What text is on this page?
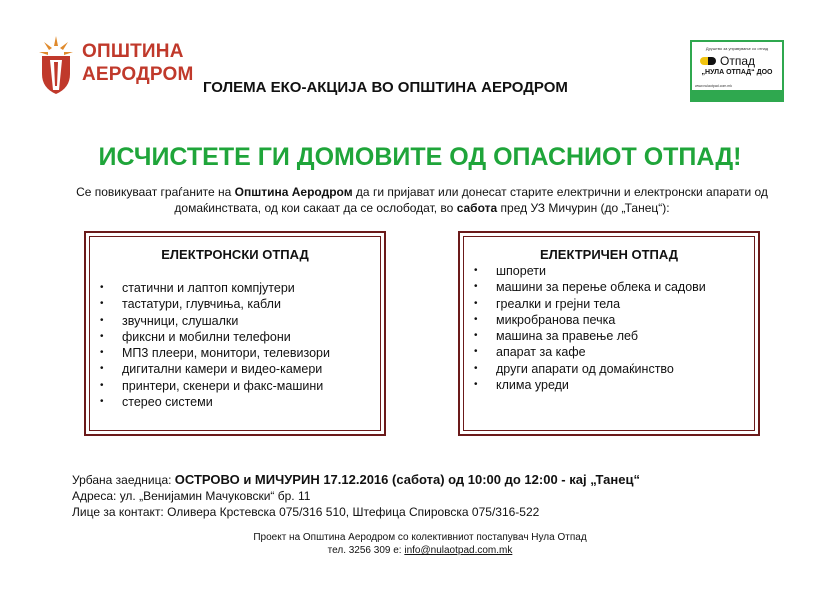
ОПШТИНА
АЕРОДРОМ
ГОЛЕМА ЕКО-АКЦИЈА ВО ОПШТИНА АЕРОДРОМ
Друштво за управување со отпад
Отпад
„НУЛА ОТПАД“ ДОО
www.nulaotpad.com.mk
ИСЧИСТЕТЕ ГИ ДОМОВИТЕ ОД ОПАСНИОТ ОТПАД!
Се повикуваат граѓаните на Општина Аеродром да ги пријават или донесат старите електрични и електронски апарати од домаќинствата, од кои сакаат да се ослободат, во сабота пред УЗ Мичурин (до „Танец“):
ЕЛЕКТРОНСКИ ОТПАД
•	статични и лаптоп компјутери
•	тастатури, глувчиња, кабли
•	звучници, слушалки
•	фиксни и мобилни телефони
•	МП3 плеери, монитори, телевизори
•	дигитални камери и видео-камери
•	принтери, скенери и факс-машини
•	стерео системи
ЕЛЕКТРИЧЕН ОТПАД
•	шпорети
•	машини за перење облека и садови
•	греалки и грејни тела
•	микробранова печка
•	машина за правење леб
•	апарат за кафе
•	други апарати од домаќинство
•	клима уреди
Урбана заедница: ОСТРОВО и МИЧУРИН 17.12.2016 (сабота) од 10:00 до 12:00 - кај „Танец“
Адреса: ул. „Венијамин Мачуковски“ бр. 11
Лице за контакт: Оливера Крстевска 075/316 510, Штефица Спировска 075/316-522
Проект на Општина Аеродром со колективниот постапувач Нула Отпад
тел. 3256 309 е: info@nulaotpad.com.mk
